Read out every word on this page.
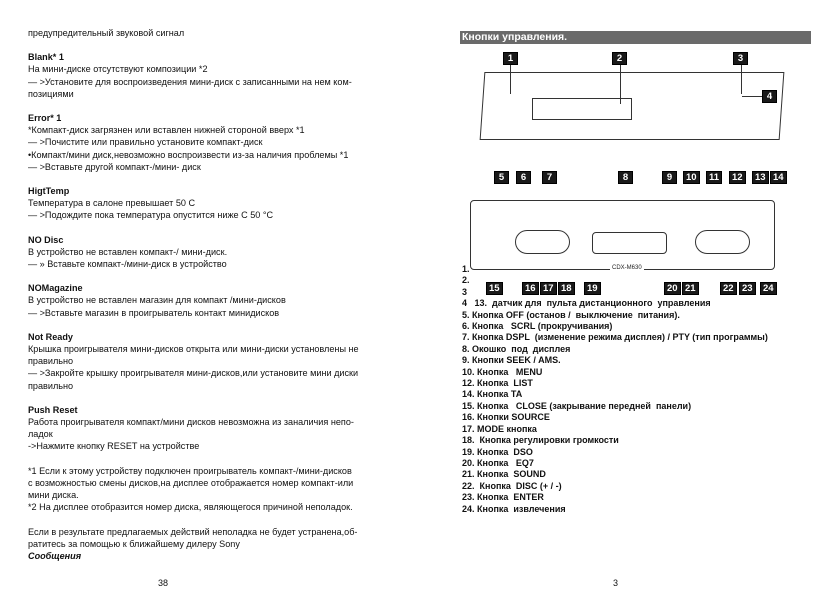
предупредительный звуковой сигнал

Blank* 1

На мини-диске отсутствуют композиции *2

— >Установите для воспроизведения мини-диск с записанными на нем ком-

позициями

Error* 1

*Компакт-диск загрязнен или вставлен нижней стороной вверх *1

— >Почистите или правильно установите компакт-диск

•Компакт/мини диск,невозможно воспроизвести из-за наличия проблемы *1

— >Вставьте другой компакт-/мини- диск

HigtTemp

Температура в салоне превышает 50 С

— >Подождите пока температура опустится ниже С 50 °С

NO Disc

В устройство не вставлен компакт-/ мини-диск.

— » Вставьте компакт-/мини-диск в устройство

NOMagazine

В устройство не вставлен магазин для компакт /мини-дисков

— >Вставьте магазин в проигрыватель контакт минидисков

Not Ready

Крышка проигрывателя мини-дисков открыта или мини-диски установлены не

правильно

— >Закройте крышку проигрывателя мини-дисков,или установите мини диски

правильно

Push Reset

Работа проигрывателя компакт/мини дисков невозможна из заналичия непо-

ладок

->Нажмите кнопку RESET на устройстве

*1 Если к этому устройству подключен проигрыватель компакт-/мини-дисков

с возможностью смены дисков,на дисплее отображается номер компакт-или

мини диска.

*2 На дисплее отобразится номер диска, являющегося причиной неполадок.

Если в результате предлагаемых действий неполадка не будет устранена,об-

ратитесь за помощью к ближайшему дилеру Sony

Сообщения

38
Кнопки управления.
1	2	3
4
CDX-M630
5	6	7	8	9	10	11	12	13 14
15	16 17 18	19	20 21	22 23	24

1.

2.

3

4   13.  датчик для  пульта дистанционного  управления

5. Кнопка OFF (останов /  выключение  питания).

6. Кнопка   SCRL (прокручивания)

7. Кнопка DSPL  (изменение режима дисплея) / PTY (тип программы)

8. Окошко  под  дисплея

9. Кнопки SEEK / AMS.

10. Кнопка   MENU

12. Кнопка  LIST

14. Кнопка TA

15. Кнопка   CLOSE (закрывание передней  панели)

16. Кнопки SOURCE

17. MODE кнопка

18.  Кнопка регулировки громкости

19. Кнопка  DSO

20. Кнопка   EQ7

21. Кнопка  SOUND

22.  Кнопка  DISC (+ / -)

23. Кнопка  ENTER

24. Кнопка  извлечения

3
